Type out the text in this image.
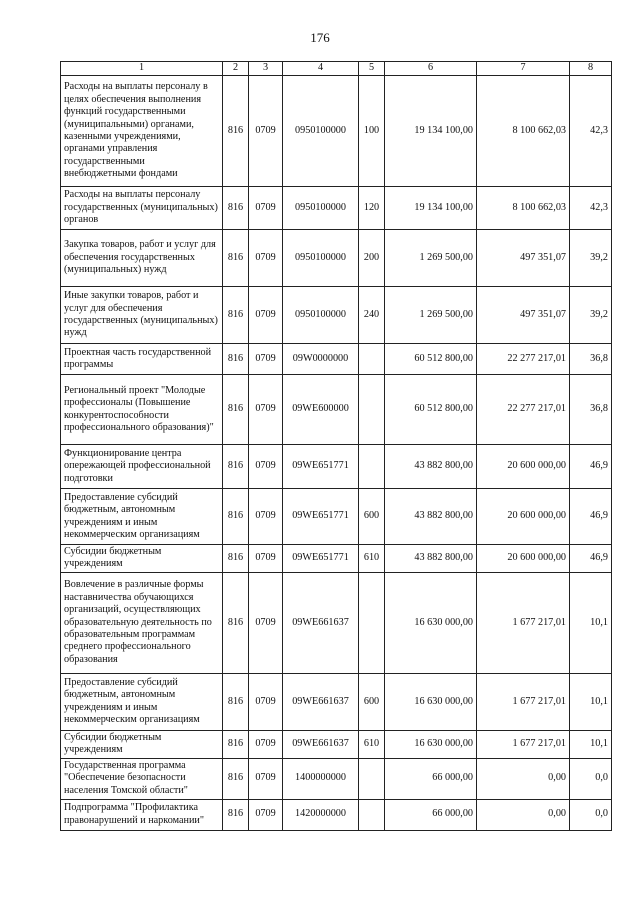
176
1	2	3	4	5	6	7	8
Расходы на выплаты персоналу в целях обеспечения выполнения функций государственными (муниципальными) органами, казенными учреждениями, органами управления государственными внебюджетными фондами	816	0709	0950100000	100	19 134 100,00	8 100 662,03	42,3
Расходы на выплаты персоналу государственных (муниципальных) органов	816	0709	0950100000	120	19 134 100,00	8 100 662,03	42,3
Закупка товаров, работ и услуг для обеспечения государственных (муниципальных) нужд	816	0709	0950100000	200	1 269 500,00	497 351,07	39,2
Иные закупки товаров, работ и услуг для обеспечения государственных (муниципальных) нужд	816	0709	0950100000	240	1 269 500,00	497 351,07	39,2
Проектная часть государственной программы	816	0709	09W0000000		60 512 800,00	22 277 217,01	36,8
Региональный проект "Молодые профессионалы (Повышение конкурентоспособности профессионального образования)"	816	0709	09WE600000		60 512 800,00	22 277 217,01	36,8
Функционирование центра опережающей профессиональной подготовки	816	0709	09WE651771		43 882 800,00	20 600 000,00	46,9
Предоставление субсидий бюджетным, автономным учреждениям и иным некоммерческим организациям	816	0709	09WE651771	600	43 882 800,00	20 600 000,00	46,9
Субсидии бюджетным учреждениям	816	0709	09WE651771	610	43 882 800,00	20 600 000,00	46,9
Вовлечение в различные формы наставничества обучающихся организаций, осуществляющих образовательную деятельность по образовательным программам среднего профессионального образования	816	0709	09WE661637		16 630 000,00	1 677 217,01	10,1
Предоставление субсидий бюджетным, автономным учреждениям и иным некоммерческим организациям	816	0709	09WE661637	600	16 630 000,00	1 677 217,01	10,1
Субсидии бюджетным учреждениям	816	0709	09WE661637	610	16 630 000,00	1 677 217,01	10,1
Государственная программа "Обеспечение безопасности населения Томской области"	816	0709	1400000000		66 000,00	0,00	0,0
Подпрограмма "Профилактика правонарушений и наркомании"	816	0709	1420000000		66 000,00	0,00	0,0
